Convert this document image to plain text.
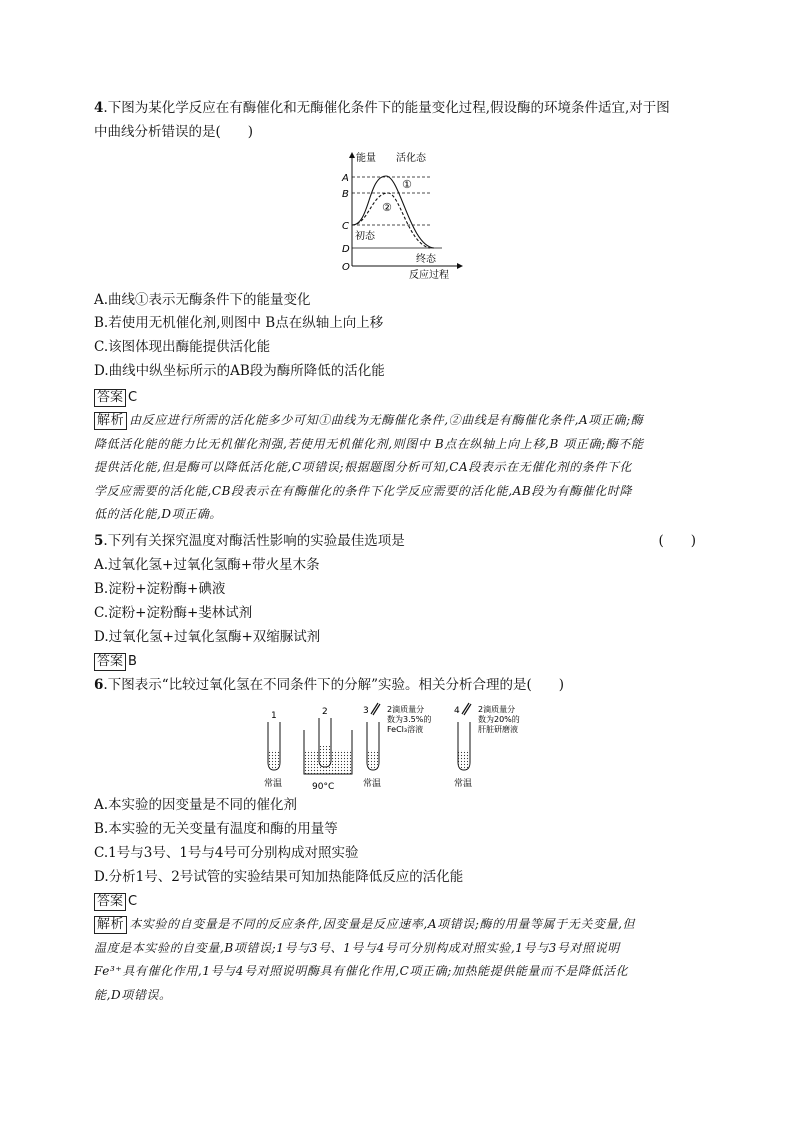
4.下图为某化学反应在有酶催化和无酶催化条件下的能量变化过程,假设酶的环境条件适宜,对于图
中曲线分析错误的是(　　)
能量
反应过程
O
A
B
C
D
活化态
①
②
初态
终态
A.曲线①表示无酶条件下的能量变化
B.若使用无机催化剂,则图中 B点在纵轴上向上移
C.该图体现出酶能提供活化能
D.曲线中纵坐标所示的AB段为酶所降低的活化能
答案 C
解析 由反应进行所需的活化能多少可知①曲线为无酶催化条件,②曲线是有酶催化条件,A项正确;酶
降低活化能的能力比无机催化剂强,若使用无机催化剂,则图中 B点在纵轴上向上移,B 项正确;酶不能
提供活化能,但是酶可以降低活化能,C项错误;根据题图分析可知,CA段表示在无催化剂的条件下化
学反应需要的活化能,CB段表示在有酶催化的条件下化学反应需要的活化能,AB段为有酶催化时降
低的活化能,D项正确。
5.下列有关探究温度对酶活性影响的实验最佳选项是	(　　)
A.过氧化氢+过氧化氢酶+带火星木条
B.淀粉+淀粉酶+碘液
C.淀粉+淀粉酶+斐林试剂
D.过氧化氢+过氧化氢酶+双缩脲试剂
答案 B
6.下图表示“比较过氧化氢在不同条件下的分解”实验。相关分析合理的是(　　)
1
常温
2
90°C
3 2滴质量分
数为3.5%的
FeCl₃溶液
常温
4 2滴质量分
数为20%的
肝脏研磨液
常温
A.本实验的因变量是不同的催化剂
B.本实验的无关变量有温度和酶的用量等
C.1号与3号、1号与4号可分别构成对照实验
D.分析1号、2号试管的实验结果可知加热能降低反应的活化能
答案 C
解析 本实验的自变量是不同的反应条件,因变量是反应速率,A项错误;酶的用量等属于无关变量,但
温度是本实验的自变量,B项错误;1号与3号、1号与4号可分别构成对照实验,1号与3号对照说明
Fe³⁺具有催化作用,1号与4号对照说明酶具有催化作用,C项正确;加热能提供能量而不是降低活化
能,D项错误。
